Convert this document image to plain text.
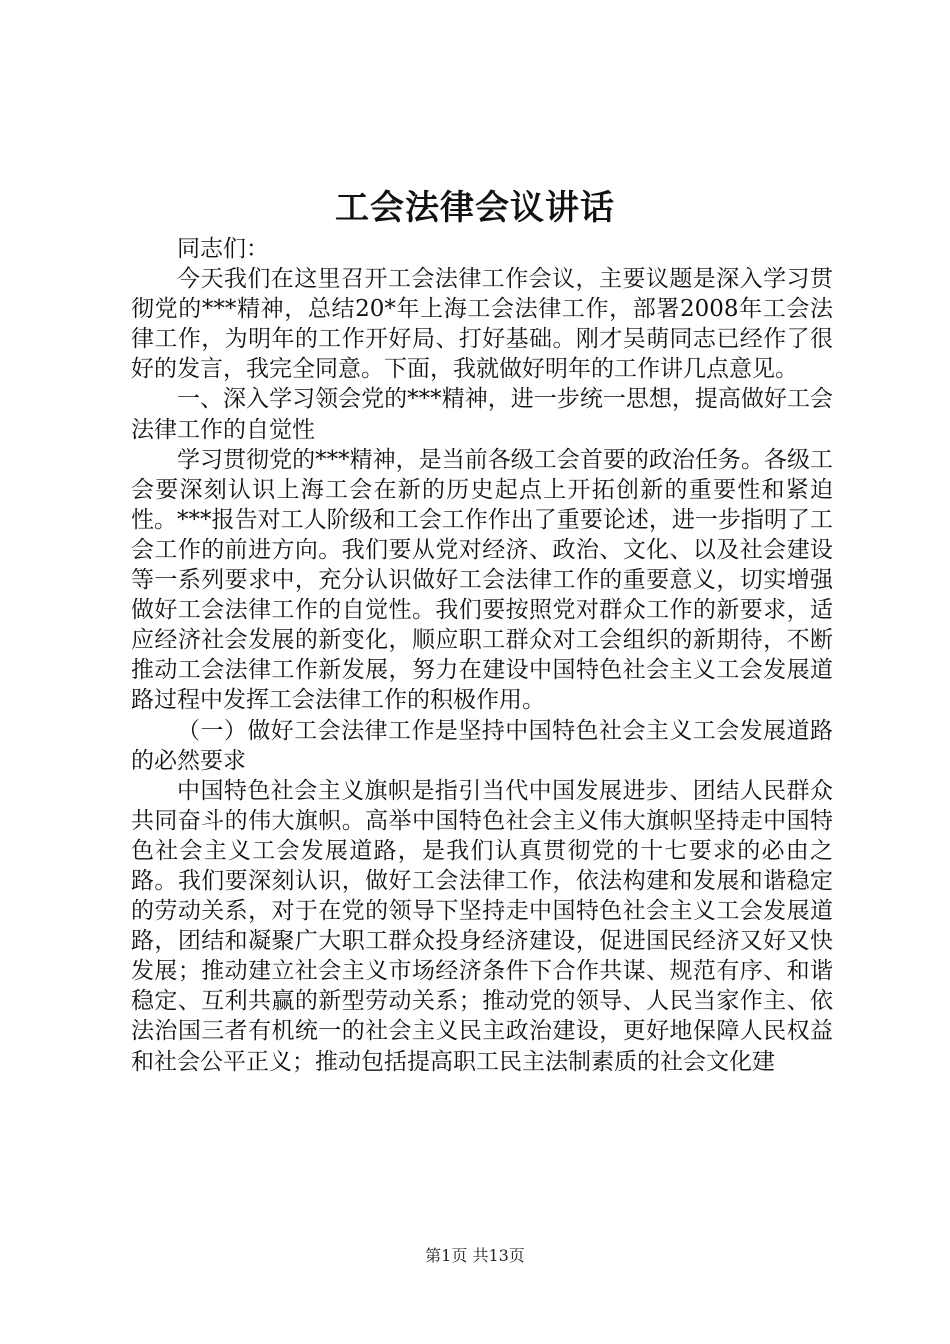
工会法律会议讲话

同志们：

今天我们在这里召开工会法律工作会议，主要议题是深入学习贯彻党的***精神，总结20*年上海工会法律工作，部署2008年工会法律工作，为明年的工作开好局、打好基础。刚才吴萌同志已经作了很好的发言，我完全同意。下面，我就做好明年的工作讲几点意见。

一、深入学习领会党的***精神，进一步统一思想，提高做好工会法律工作的自觉性

学习贯彻党的***精神，是当前各级工会首要的政治任务。各级工会要深刻认识上海工会在新的历史起点上开拓创新的重要性和紧迫性。***报告对工人阶级和工会工作作出了重要论述，进一步指明了工会工作的前进方向。我们要从党对经济、政治、文化、以及社会建设等一系列要求中，充分认识做好工会法律工作的重要意义，切实增强做好工会法律工作的自觉性。我们要按照党对群众工作的新要求，适应经济社会发展的新变化，顺应职工群众对工会组织的新期待，不断推动工会法律工作新发展，努力在建设中国特色社会主义工会发展道路过程中发挥工会法律工作的积极作用。

（一）做好工会法律工作是坚持中国特色社会主义工会发展道路的必然要求

中国特色社会主义旗帜是指引当代中国发展进步、团结人民群众共同奋斗的伟大旗帜。高举中国特色社会主义伟大旗帜坚持走中国特色社会主义工会发展道路，是我们认真贯彻党的十七要求的必由之路。我们要深刻认识，做好工会法律工作，依法构建和发展和谐稳定的劳动关系，对于在党的领导下坚持走中国特色社会主义工会发展道路，团结和凝聚广大职工群众投身经济建设，促进国民经济又好又快发展；推动建立社会主义市场经济条件下合作共谋、规范有序、和谐稳定、互利共赢的新型劳动关系；推动党的领导、人民当家作主、依法治国三者有机统一的社会主义民主政治建设，更好地保障人民权益和社会公平正义；推动包括提高职工民主法制素质的社会文化建

第1页 共13页
